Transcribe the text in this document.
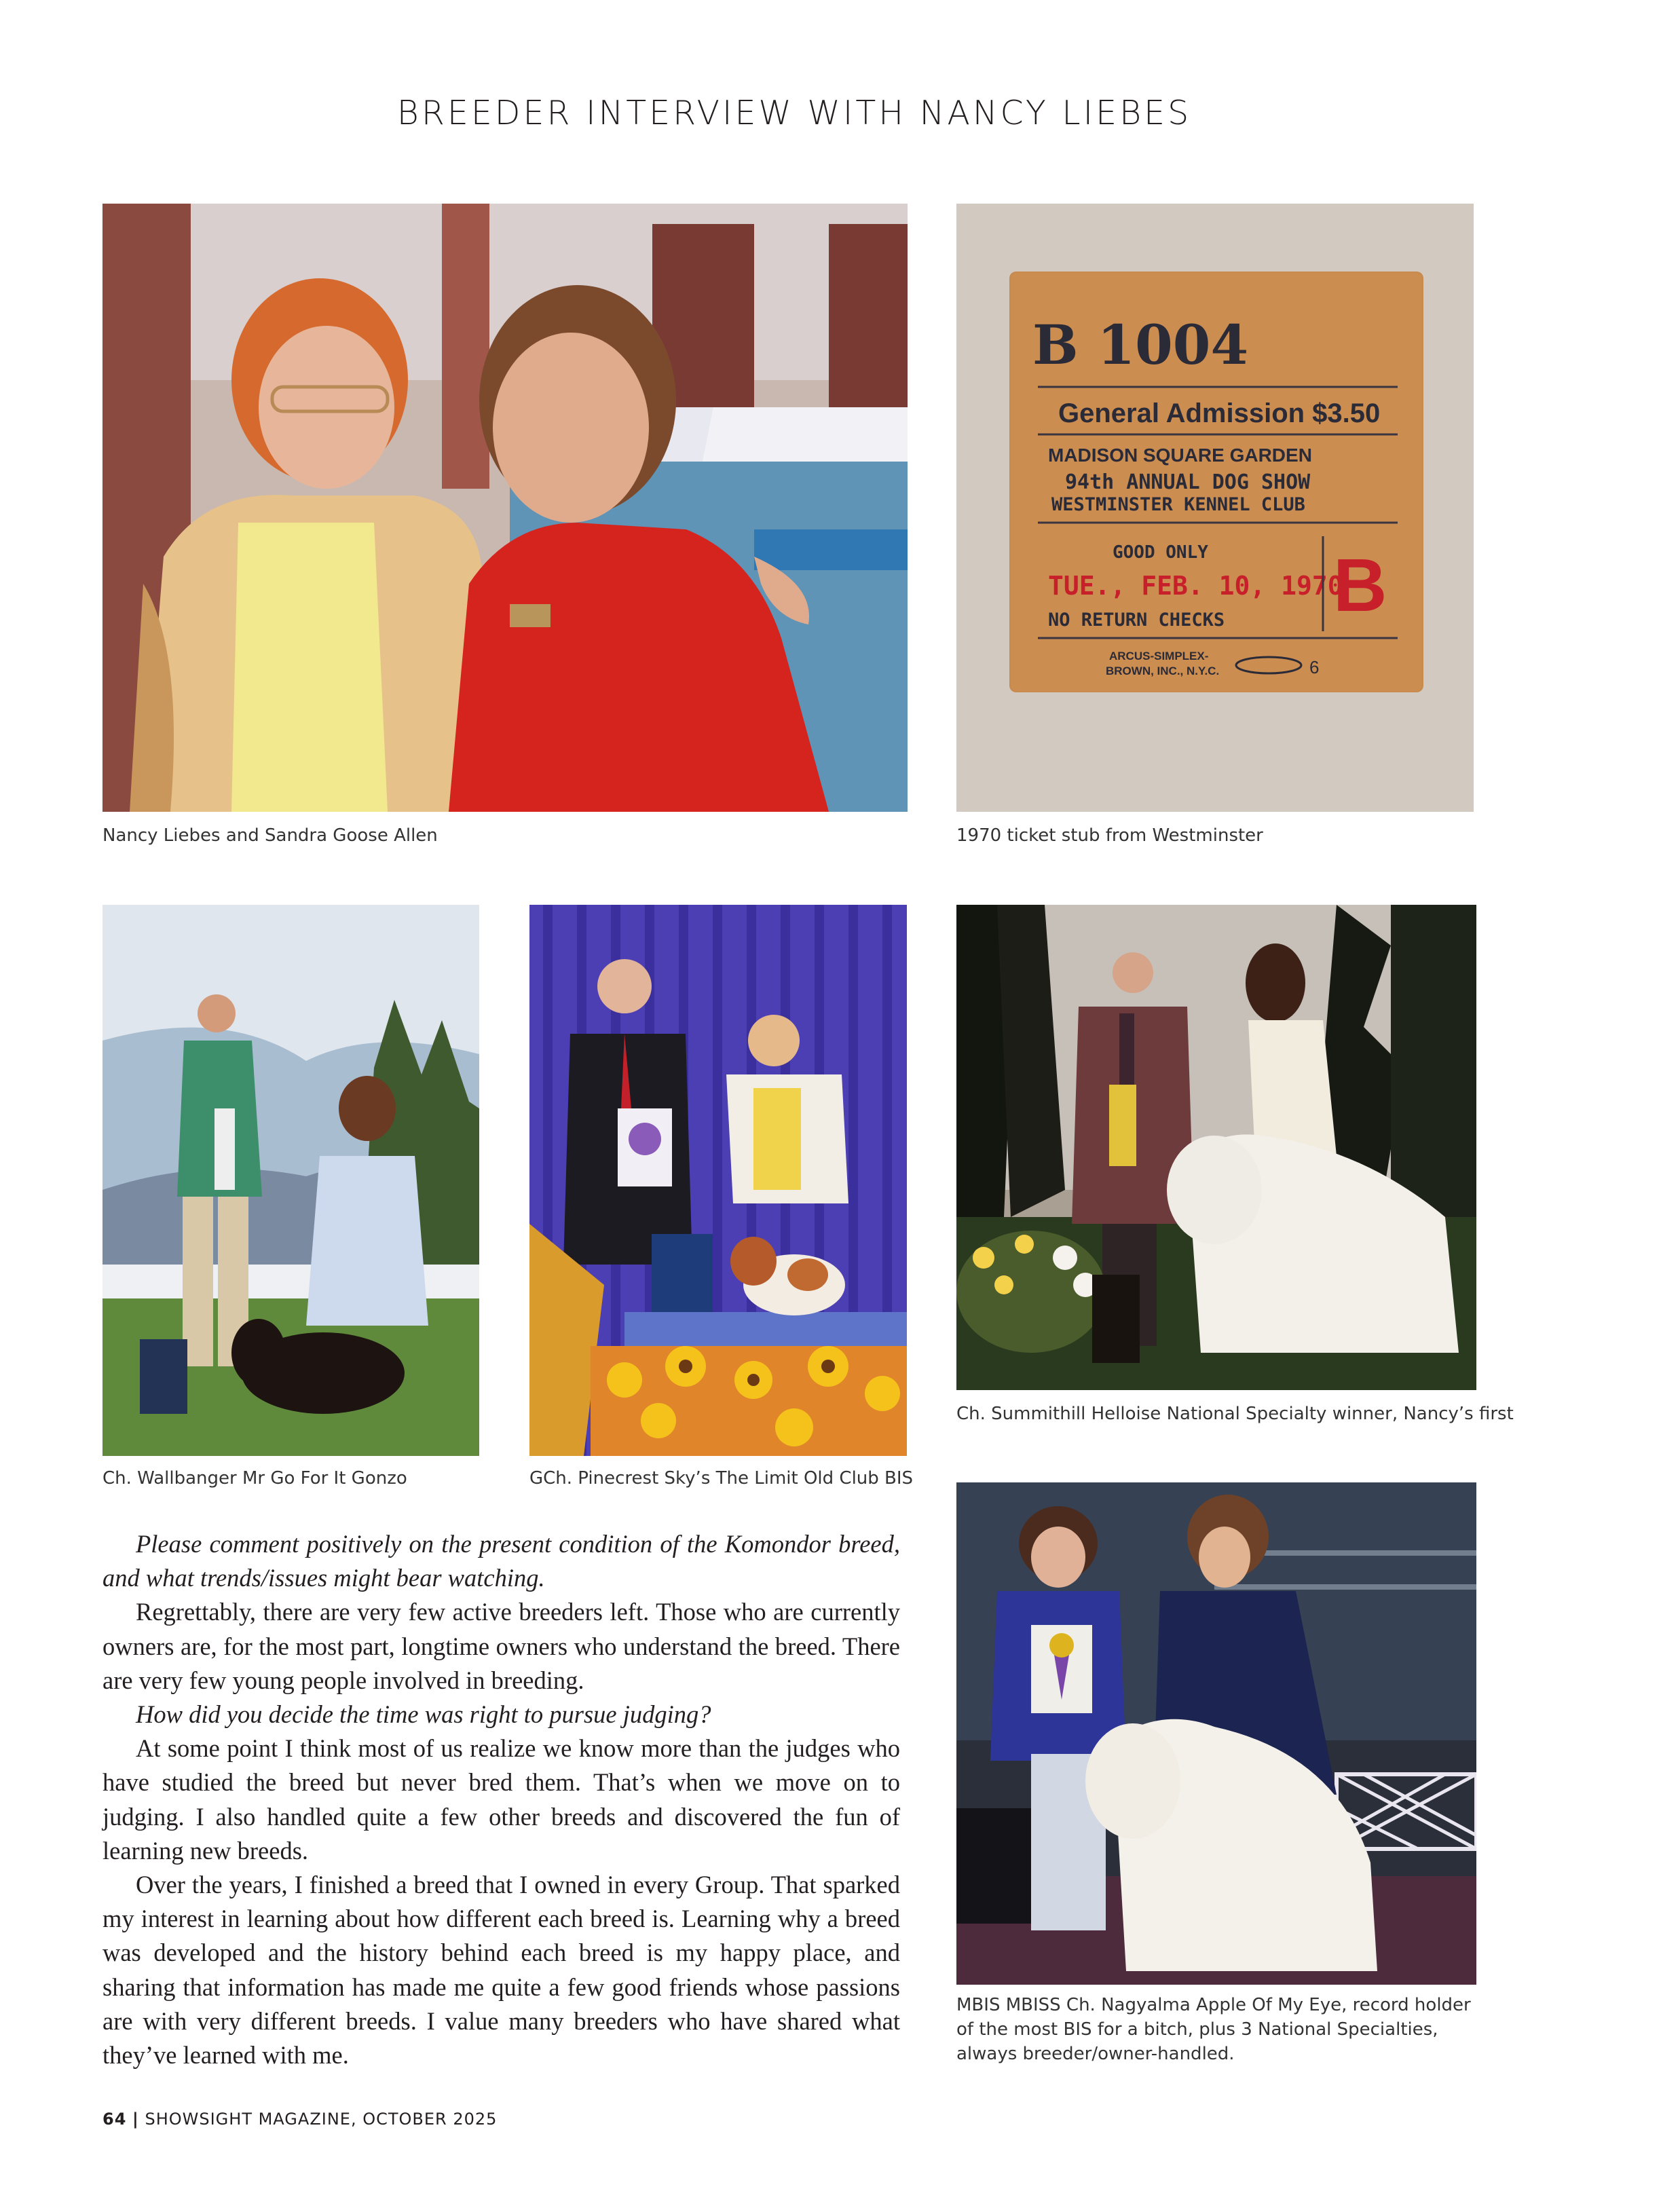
BREEDER INTERVIEW WITH NANCY LIEBES
Nancy Liebes and Sandra Goose Allen
B 1004
General Admission $3.50
MADISON SQUARE GARDEN
94th ANNUAL DOG SHOW
WESTMINSTER KENNEL CLUB
GOOD ONLY
TUE., FEB. 10, 1970
B
NO RETURN CHECKS
ARCUS-SIMPLEX-
BROWN, INC., N.Y.C.	6
1970 ticket stub from Westminster
Ch. Wallbanger Mr Go For It Gonzo	GCh. Pinecrest Sky’s The Limit Old Club BIS
Ch. Summithill Helloise National Specialty winner, Nancy’s first
MBIS MBISS Ch. Nagyalma Apple Of My Eye, record holder
of the most BIS for a bitch, plus 3 National Specialties,
always breeder/owner-handled.

Please comment positively on the present condition of the Komondor breed, and what trends/issues might bear watching.

Regrettably, there are very few active breeders left. Those who are currently owners are, for the most part, longtime owners who understand the breed. There are very few young people involved in breeding.

How did you decide the time was right to pursue judging?

At some point I think most of us realize we know more than the judges who have studied the breed but never bred them. That’s when we move on to judging. I also handled quite a few other breeds and discovered the fun of learning new breeds.

Over the years, I finished a breed that I owned in every Group. That sparked my interest in learning about how different each breed is. Learning why a breed was developed and the history behind each breed is my happy place, and sharing that information has made me quite a few good friends whose passions are with very different breeds. I value many breeders who have shared what they’ve learned with me.

64 | SHOWSIGHT MAGAZINE, OCTOBER 2025
